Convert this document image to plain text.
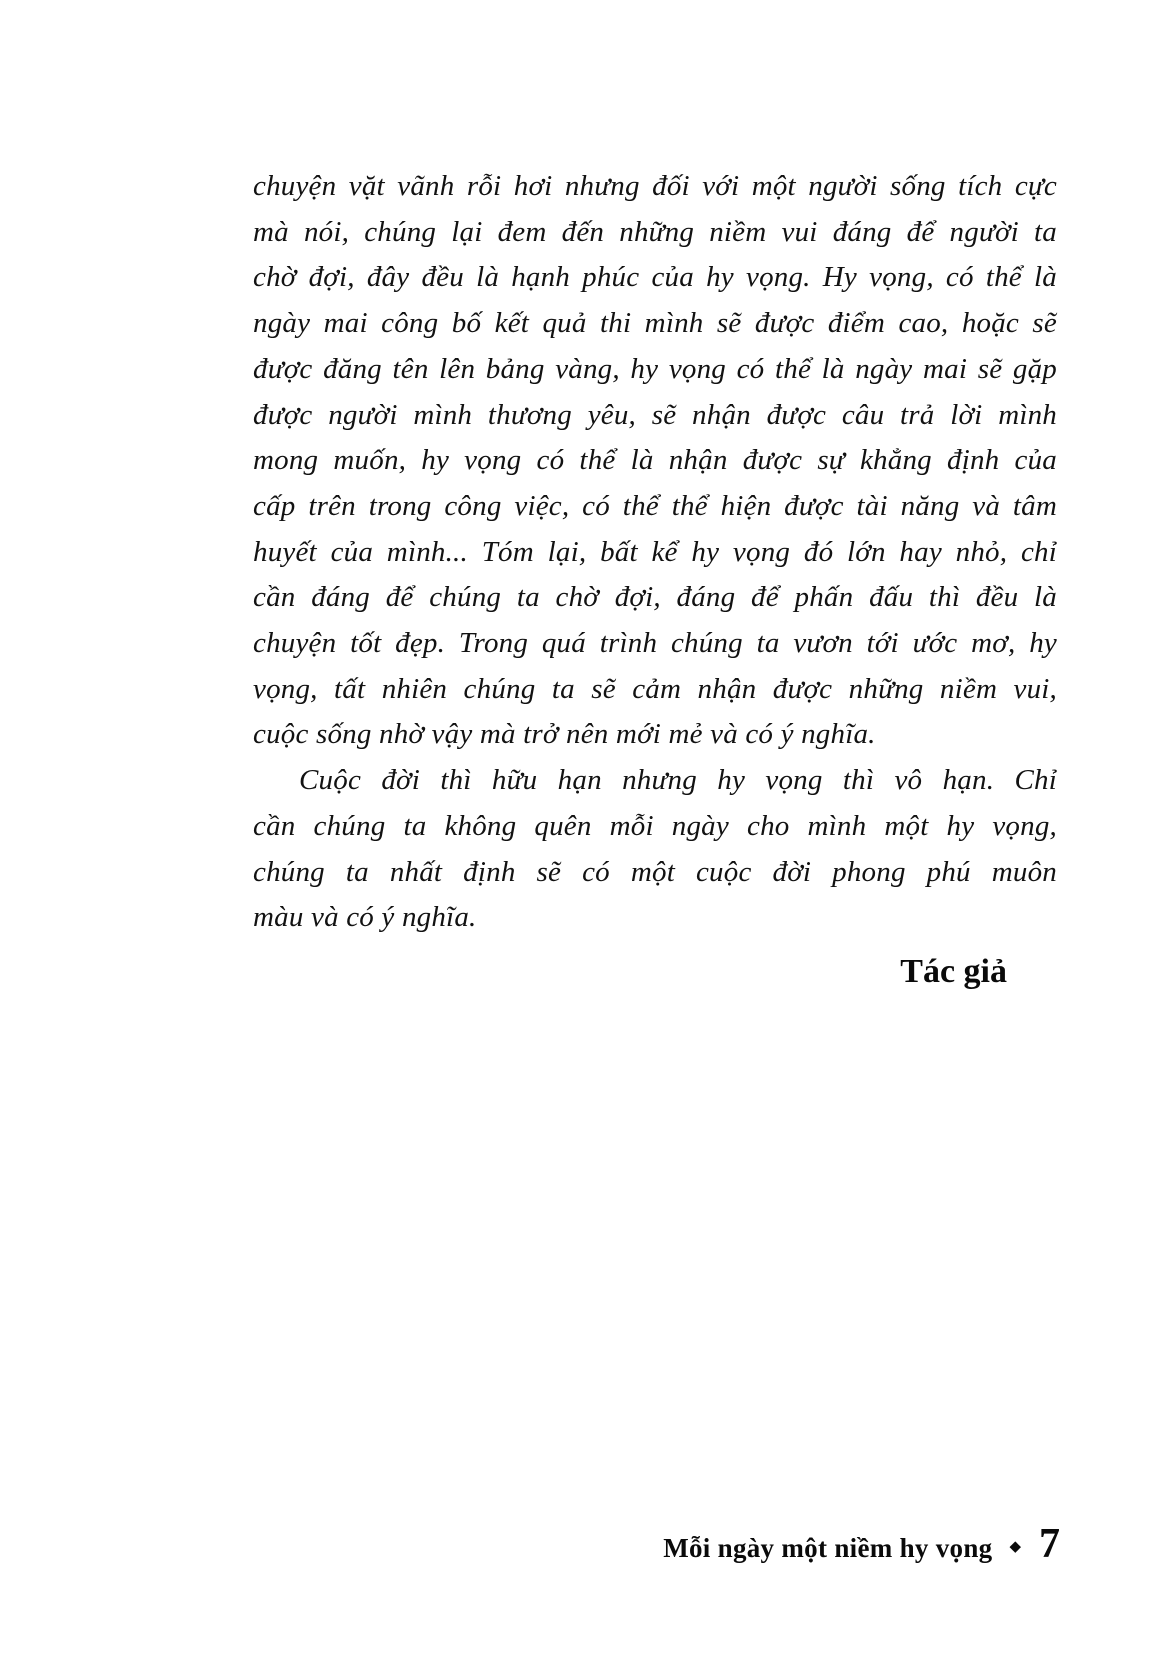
chuyện vặt vãnh rỗi hơi nhưng đối với một người sống tích cực
mà nói, chúng lại đem đến những niềm vui đáng để người ta
chờ đợi, đây đều là hạnh phúc của hy vọng. Hy vọng, có thể là
ngày mai công bố kết quả thi mình sẽ được điểm cao, hoặc sẽ
được đăng tên lên bảng vàng, hy vọng có thể là ngày mai sẽ gặp
được người mình thương yêu, sẽ nhận được câu trả lời mình
mong muốn, hy vọng có thể là nhận được sự khẳng định của
cấp trên trong công việc, có thể thể hiện được tài năng và tâm
huyết của mình... Tóm lại, bất kể hy vọng đó lớn hay nhỏ, chỉ
cần đáng để chúng ta chờ đợi, đáng để phấn đấu thì đều là
chuyện tốt đẹp. Trong quá trình chúng ta vươn tới ước mơ, hy
vọng, tất nhiên chúng ta sẽ cảm nhận được những niềm vui,
cuộc sống nhờ vậy mà trở nên mới mẻ và có ý nghĩa.
Cuộc đời thì hữu hạn nhưng hy vọng thì vô hạn. Chỉ
cần chúng ta không quên mỗi ngày cho mình một hy vọng,
chúng ta nhất định sẽ có một cuộc đời phong phú muôn
màu và có ý nghĩa.
Tác giả
Mỗi ngày một niềm hy vọng ◆ 7
